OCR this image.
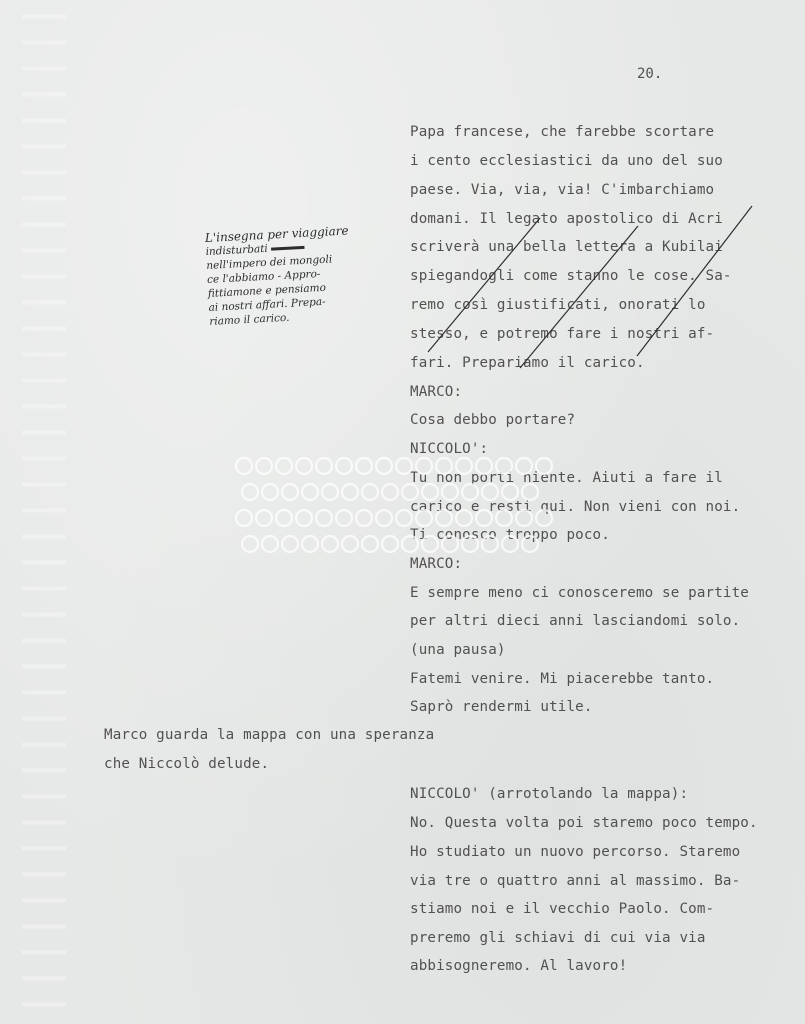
20.
Papa francese, che farebbe scortare
i cento ecclesiastici da uno del suo
paese. Via, via, via! C'imbarchiamo
domani. Il legato apostolico di Acri
scriverà una bella lettera a Kubilai
spiegandogli come stanno le cose. Sa-
remo così giustificati, onorati lo
stesso, e potremo fare i nostri af-
fari. Prepariamo il carico.
MARCO:
Cosa debbo portare?
NICCOLO':
Tu non porti niente. Aiuti a fare il
carico e resti qui. Non vieni con noi.
Ti conosco troppo poco.
MARCO:
E sempre meno ci conosceremo se partite
per altri dieci anni lasciandomi solo.
(una pausa)
Fatemi venire. Mi piacerebbe tanto.
Saprò rendermi utile.
Marco guarda la mappa con una speranza
che Niccolò delude.
NICCOLO' (arrotolando la mappa):
No. Questa volta poi staremo poco tempo.
Ho studiato un nuovo percorso. Staremo
via tre o quattro anni al massimo. Ba-
stiamo noi e il vecchio Paolo. Com-
preremo gli schiavi di cui via via
abbisogneremo. Al lavoro!
L'insegna per viaggiare
indisturbati
nell'impero dei mongoli
ce l'abbiamo - Appro-
fittiamone e pensiamo
ai nostri affari. Prepa-
riamo il carico.
